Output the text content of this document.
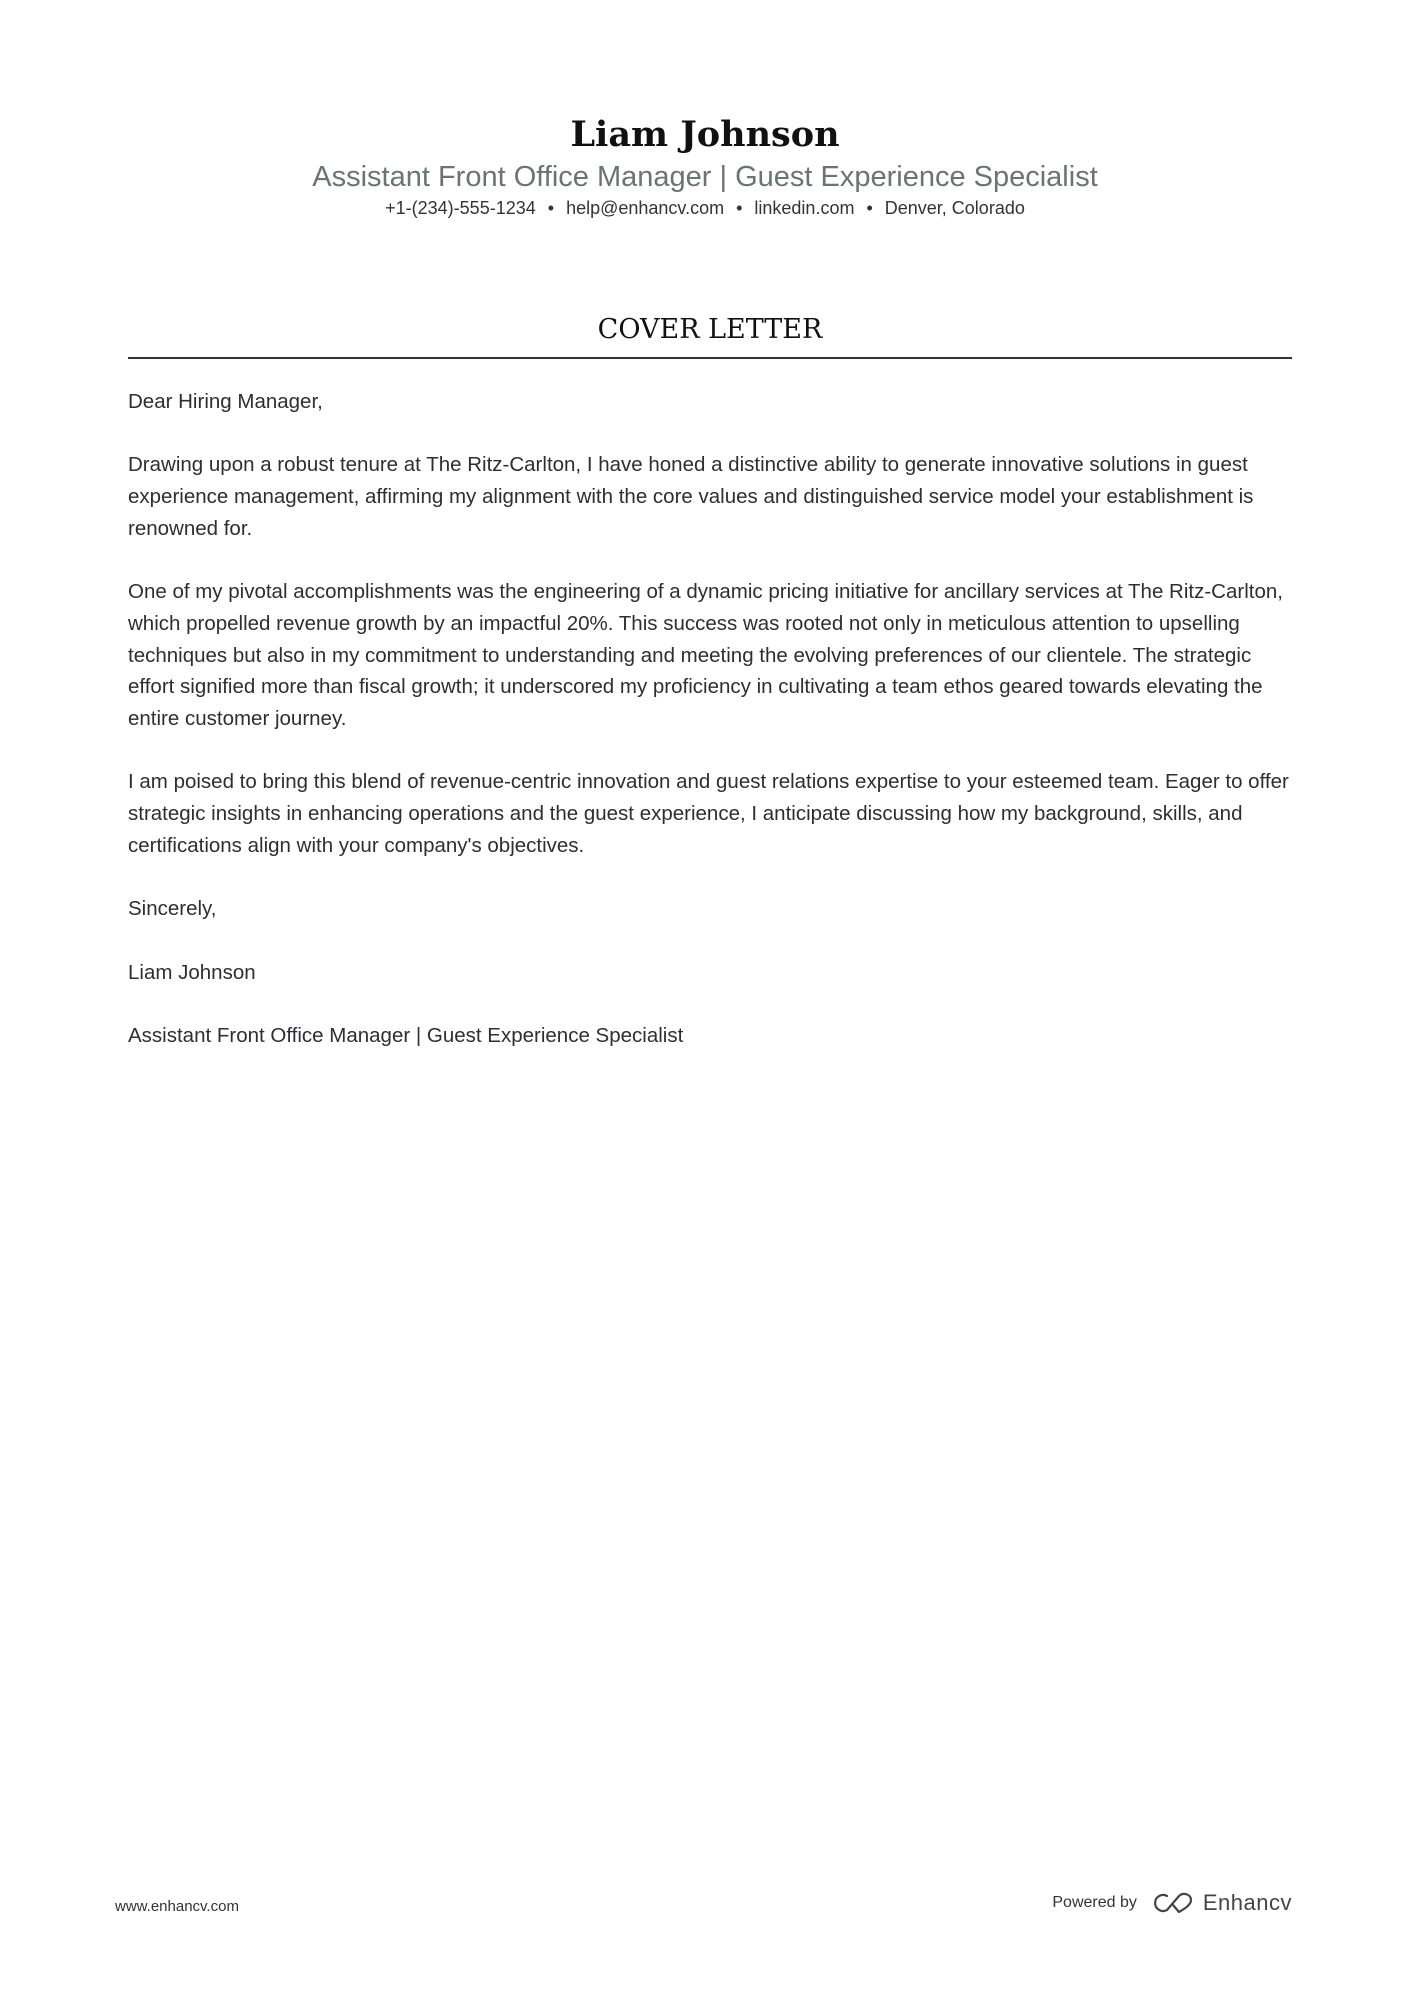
Liam Johnson
Assistant Front Office Manager | Guest Experience Specialist
+1-(234)-555-1234 • help@enhancv.com • linkedin.com • Denver, Colorado
COVER LETTER

Dear Hiring Manager,

Drawing upon a robust tenure at The Ritz-Carlton, I have honed a distinctive ability to generate innovative solutions in guest experience management, affirming my alignment with the core values and distinguished service model your establishment is renowned for.

One of my pivotal accomplishments was the engineering of a dynamic pricing initiative for ancillary services at The Ritz-Carlton, which propelled revenue growth by an impactful 20%. This success was rooted not only in meticulous attention to upselling techniques but also in my commitment to understanding and meeting the evolving preferences of our clientele. The strategic effort signified more than fiscal growth; it underscored my proficiency in cultivating a team ethos geared towards elevating the entire customer journey.

I am poised to bring this blend of revenue-centric innovation and guest relations expertise to your esteemed team. Eager to offer strategic insights in enhancing operations and the guest experience, I anticipate discussing how my background, skills, and certifications align with your company's objectives.

Sincerely,

Liam Johnson

Assistant Front Office Manager | Guest Experience Specialist

www.enhancv.com	Powered by	Enhancv
